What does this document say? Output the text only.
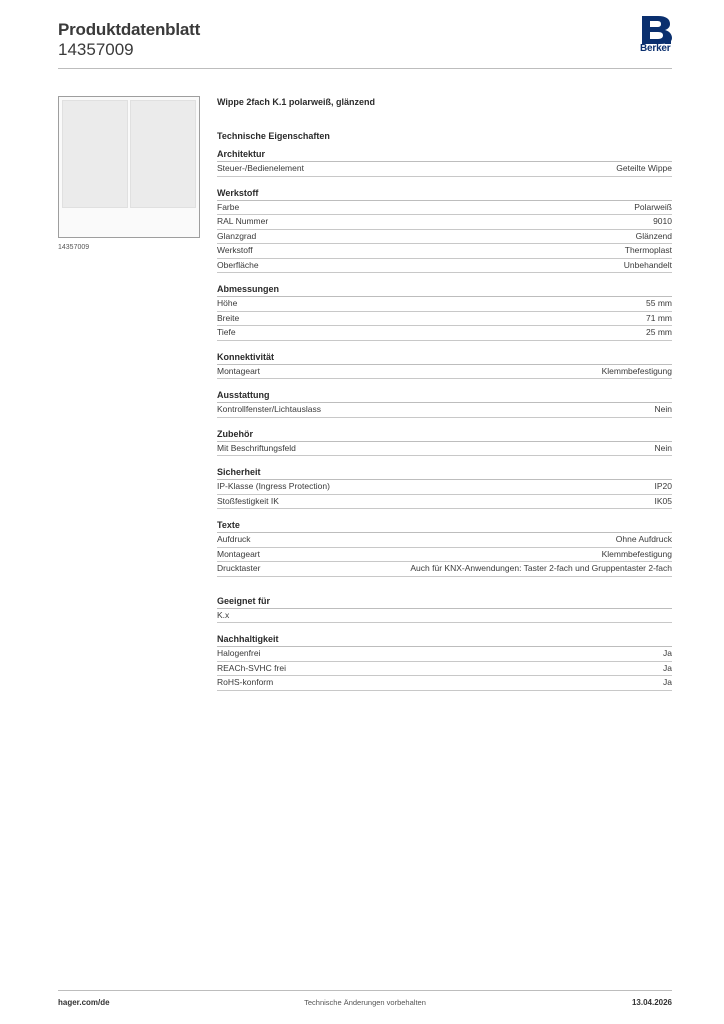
Produktdatenblatt
14357009	Berker
14357009
Wippe 2fach K.1 polarweiß, glänzend
Technische Eigenschaften
Architektur
Steuer-/Bedienelement	Geteilte Wippe
Werkstoff
Farbe	Polarweiß
RAL Nummer	9010
Glanzgrad	Glänzend
Werkstoff	Thermoplast
Oberfläche	Unbehandelt
Abmessungen
Höhe	55 mm
Breite	71 mm
Tiefe	25 mm
Konnektivität
Montageart	Klemmbefestigung
Ausstattung
Kontrollfenster/Lichtauslass	Nein
Zubehör
Mit Beschriftungsfeld	Nein
Sicherheit
IP-Klasse (Ingress Protection)	IP20
Stoßfestigkeit IK	IK05
Texte
Aufdruck	Ohne Aufdruck
Montageart	Klemmbefestigung
Drucktaster	Auch für KNX-Anwendungen: Taster 2-fach und Gruppentaster 2-fach
Geeignet für
K.x
Nachhaltigkeit
Halogenfrei	Ja
REACh-SVHC frei	Ja
RoHS-konform	Ja
hager.com/de	Technische Änderungen vorbehalten	13.04.2026
